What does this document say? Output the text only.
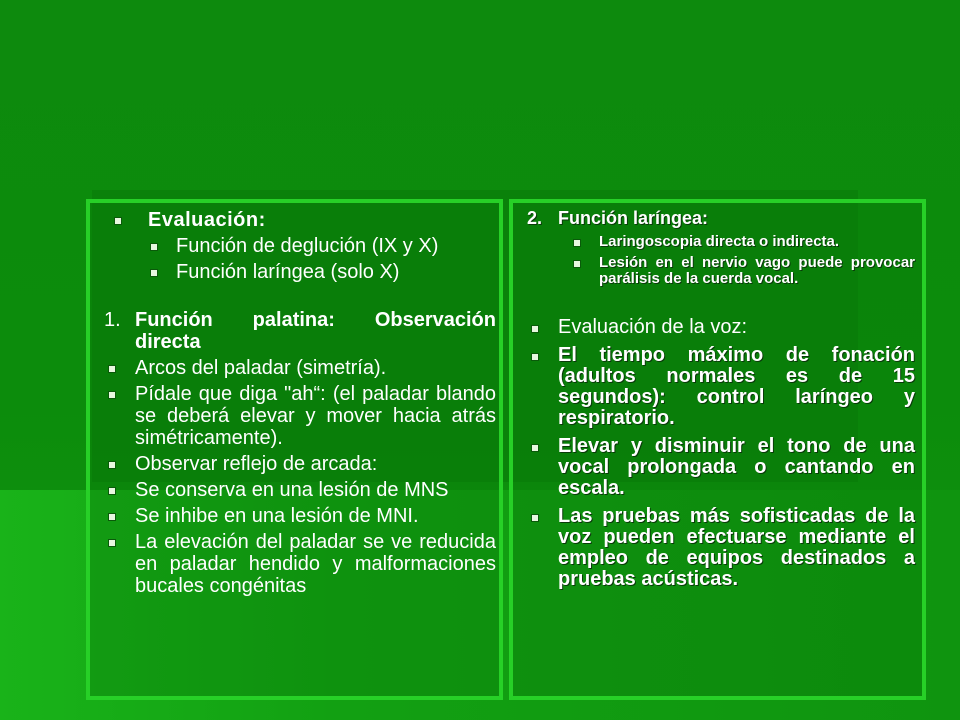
Evaluación:
Función de deglución (IX y X)
Función laríngea (solo X)
1. Función palatina: Observación directa
Arcos del paladar (simetría).
Pídale que diga "ah“: (el paladar blando se deberá elevar y mover hacia atrás simétricamente).
Observar reflejo de arcada:
Se conserva en una lesión de MNS
Se inhibe en una lesión de MNI.
La elevación del paladar se ve reducida en paladar hendido y malformaciones bucales congénitas
2. Función laríngea:
Laringoscopia directa o indirecta.
Lesión en el nervio vago puede provocar parálisis de la cuerda vocal.
Evaluación de la voz:
El tiempo máximo de fonación (adultos normales es de 15 segundos): control laríngeo y respiratorio.
Elevar y disminuir el tono de una vocal prolongada o cantando en escala.
Las pruebas más sofisticadas de la voz pueden efectuarse mediante el empleo de equipos destinados a pruebas acústicas.
